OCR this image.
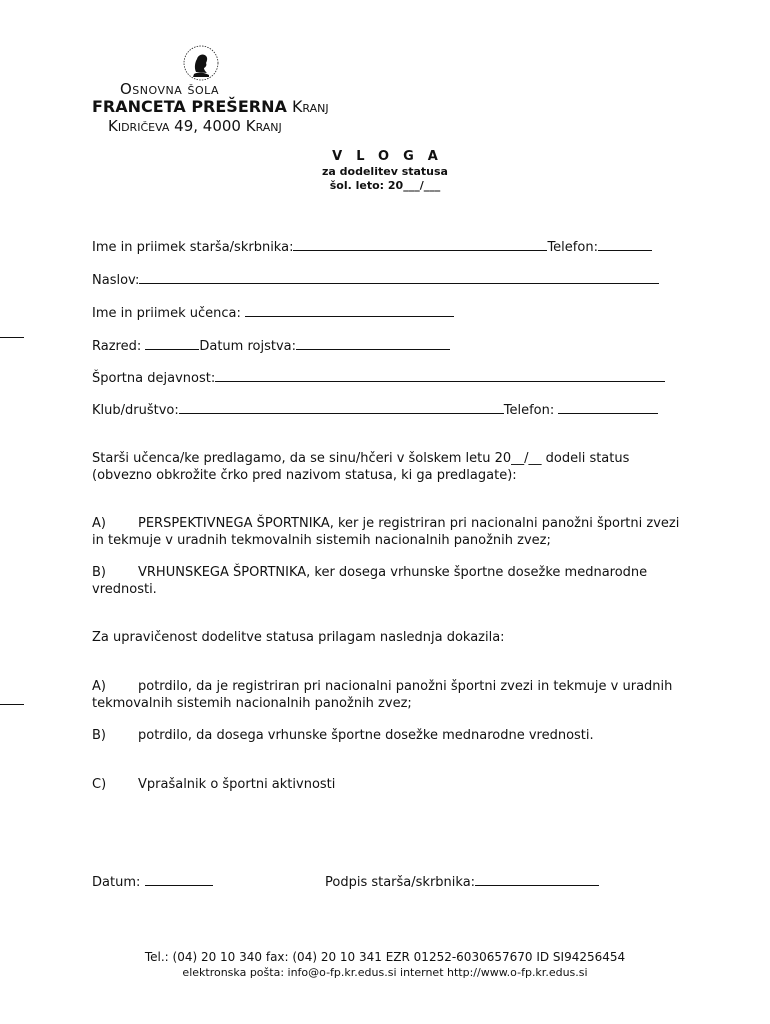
Osnovna šola
FRANCETA PREŠERNA Kranj
Kidričeva 49, 4000 Kranj
VLOGA
za dodelitev statusa
šol. leto: 20___/___
Ime in priimek starša/skrbnika:	Telefon:
Naslov:
Ime in priimek učenca:
Razred:	Datum rojstva:
Športna dejavnost:
Klub/društvo:	Telefon:
Starši učenca/ke predlagamo, da se sinu/hčeri v šolskem letu 20__/__ dodeli status (obvezno obkrožite črko pred nazivom statusa, ki ga predlagate):
A) PERSPEKTIVNEGA ŠPORTNIKA, ker je registriran pri nacionalni panožni športni zvezi in tekmuje v uradnih tekmovalnih sistemih nacionalnih panožnih zvez;
B) VRHUNSKEGA ŠPORTNIKA, ker dosega vrhunske športne dosežke mednarodne vrednosti.
Za upravičenost dodelitve statusa prilagam naslednja dokazila:
A) potrdilo, da je registriran pri nacionalni panožni športni zvezi in tekmuje v uradnih tekmovalnih sistemih nacionalnih panožnih zvez;
B) potrdilo, da dosega vrhunske športne dosežke mednarodne vrednosti.
C) Vprašalnik o športni aktivnosti
Datum:	Podpis starša/skrbnika:
Tel.: (04) 20 10 340 fax: (04) 20 10 341 EZR 01252-6030657670 ID SI94256454
elektronska pošta: info@o-fp.kr.edus.si internet http://www.o-fp.kr.edus.si
